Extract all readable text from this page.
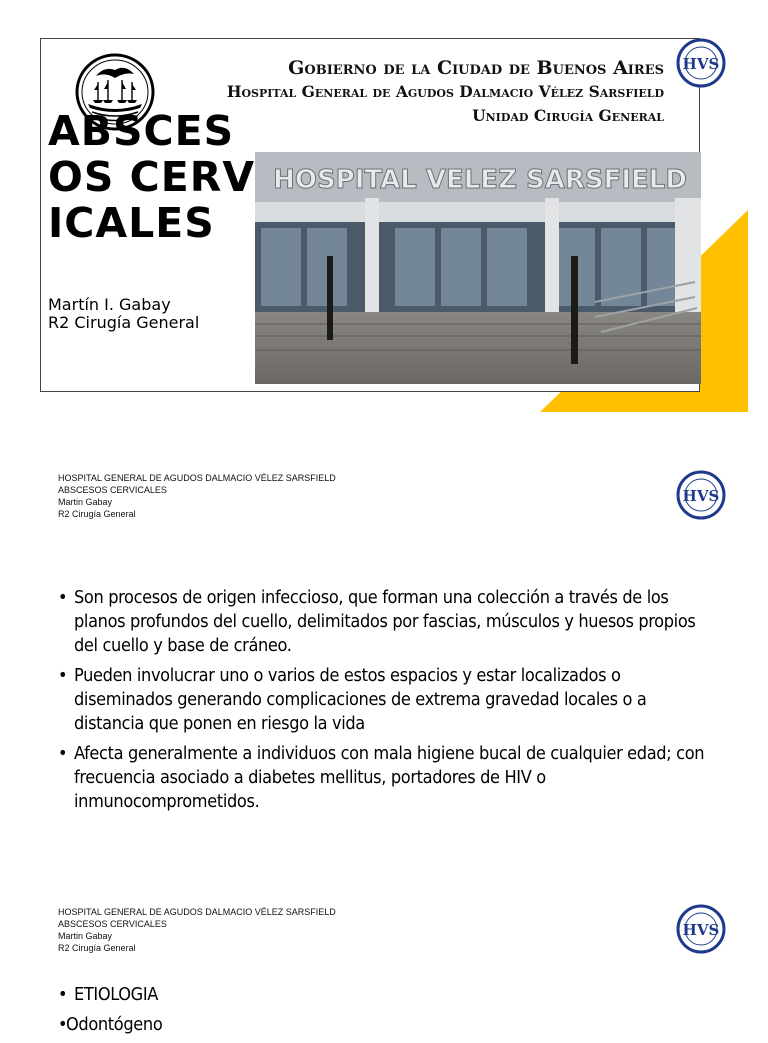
HVS
Gobierno de la Ciudad de Buenos Aires
Hospital General de Agudos Dalmacio Vélez Sarsfield
Unidad Cirugía General
ABSCESOS CERVICALES
Martín I. Gabay
R2 Cirugía General
HOSPITAL VELEZ SARSFIELD
HOSPITAL GENERAL DE AGUDOS DALMACIO VÉLEZ SARSFIELD
ABSCESOS CERVICALES
Martin Gabay
R2 Cirugía General
HVS
• Son procesos de origen infeccioso, que forman una colección a través de los planos profundos del cuello, delimitados por fascias, músculos y huesos propios del cuello y base de cráneo.
• Pueden involucrar uno o varios de estos espacios y estar localizados o diseminados generando complicaciones de extrema gravedad locales o a distancia que ponen en riesgo la vida
• Afecta generalmente a individuos con mala higiene bucal de cualquier edad; con frecuencia asociado a diabetes mellitus, portadores de HIV o inmunocomprometidos.
HOSPITAL GENERAL DE AGUDOS DALMACIO VÉLEZ SARSFIELD
ABSCESOS CERVICALES
Martin Gabay
R2 Cirugía General
HVS
• ETIOLOGIA
• Odontógeno
